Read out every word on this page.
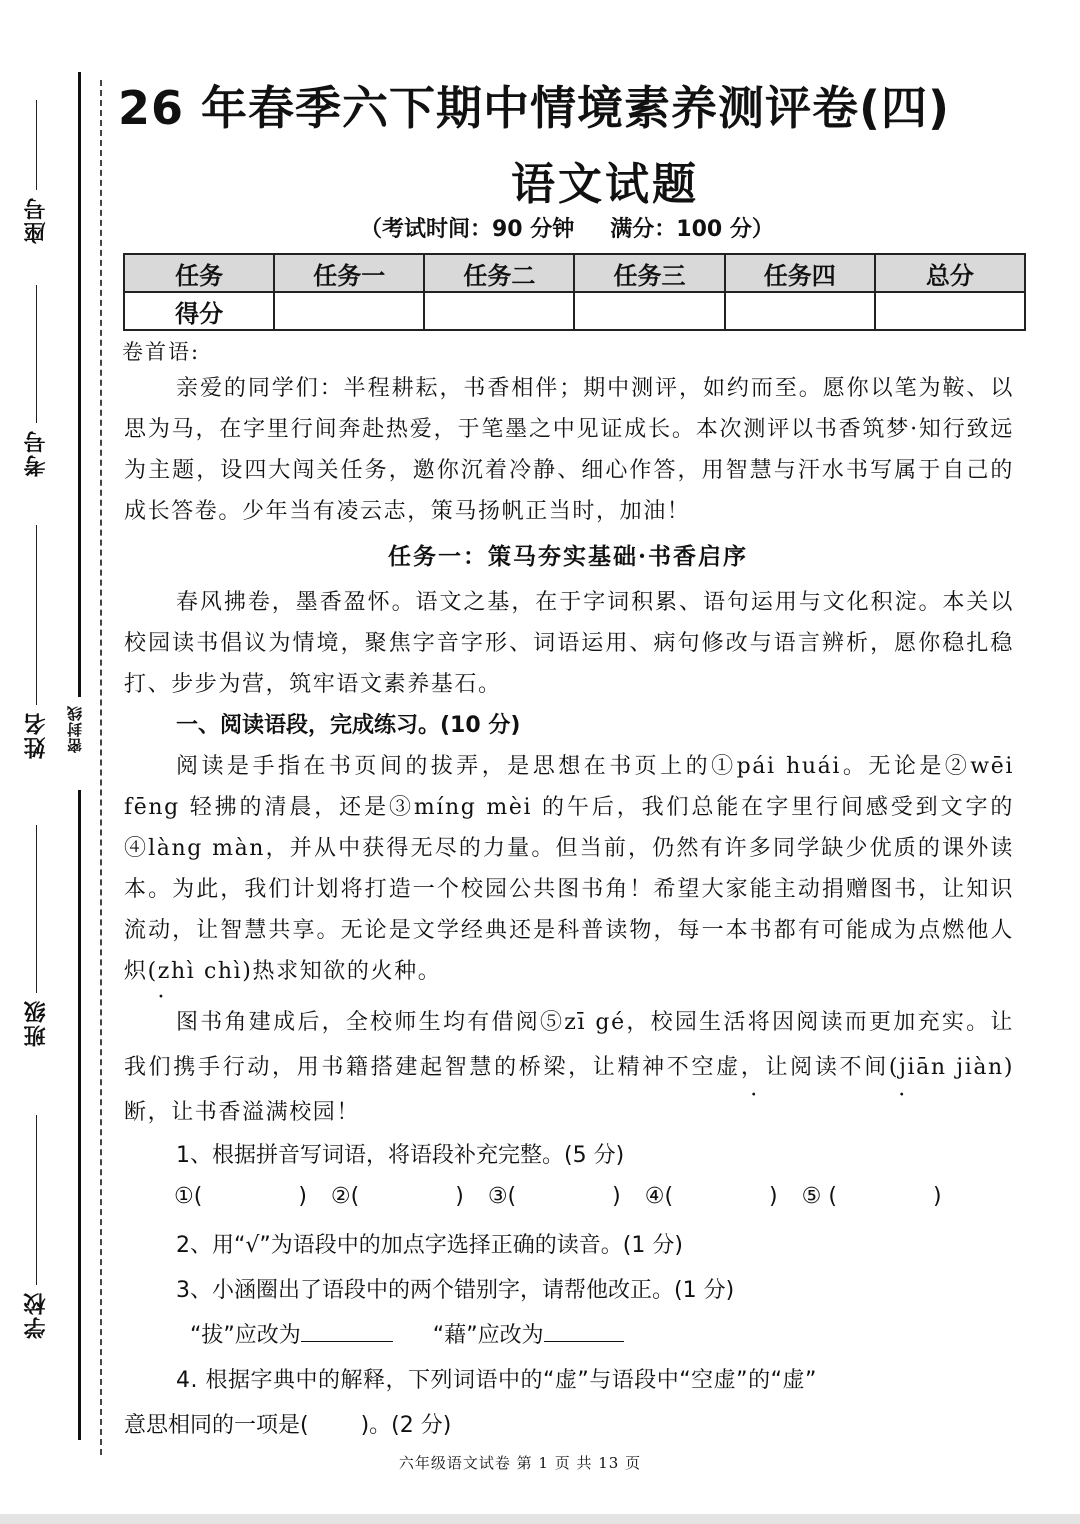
座号
考号
姓名
班级
学校
密封线
26 年春季六下期中情境素养测评卷(四)
语文试题
（考试时间：90 分钟 满分：100 分）
任务	任务一	任务二	任务三	任务四	总分
得分					
卷首语:
亲爱的同学们：半程耕耘，书香相伴；期中测评，如约而至。愿你以笔为鞍、以思为马，在字里行间奔赴热爱，于笔墨之中见证成长。本次测评以书香筑梦·知行致远为主题，设四大闯关任务，邀你沉着冷静、细心作答，用智慧与汗水书写属于自己的成长答卷。少年当有凌云志，策马扬帆正当时，加油！
任务一：策马夯实基础·书香启序
春风拂卷，墨香盈怀。语文之基，在于字词积累、语句运用与文化积淀。本关以校园读书倡议为情境，聚焦字音字形、词语运用、病句修改与语言辨析，愿你稳扎稳打、步步为营，筑牢语文素养基石。
一、阅读语段，完成练习。(10 分)
阅读是手指在书页间的拔弄，是思想在书页上的①pái huái。无论是②wēi fēng 轻拂的清晨，还是③míng mèi 的午后，我们总能在字里行间感受到文字的④làng màn，并从中获得无尽的力量。但当前，仍然有许多同学缺少优质的课外读本。为此，我们计划将打造一个校园公共图书角！希望大家能主动捐赠图书，让知识流动，让智慧共享。无论是文学经典还是科普读物，每一本书都有可能成为点燃他人炽(zhì chì)热求知欲的火种。
图书角建成后，全校师生均有借阅⑤zī gé，校园生活将因阅读而更加充实。让我们携手行动，用书籍搭建起智慧的桥梁，让精神不空虚，让阅读不间(jiān jiàn)断，让书香溢满校园！
1、根据拼音写词语，将语段补充完整。(5 分)
①(	) ②(	) ③(	) ④(	) ⑤ (	)
2、用“√”为语段中的加点字选择正确的读音。(1 分)
3、小涵圈出了语段中的两个错别字，请帮他改正。(1 分)
“拔”应改为	“藉”应改为
4. 根据字典中的解释，下列词语中的“虚”与语段中“空虚”的“虚”
意思相同的一项是( )。(2 分)
六年级语文试卷 第 1 页 共 13 页
